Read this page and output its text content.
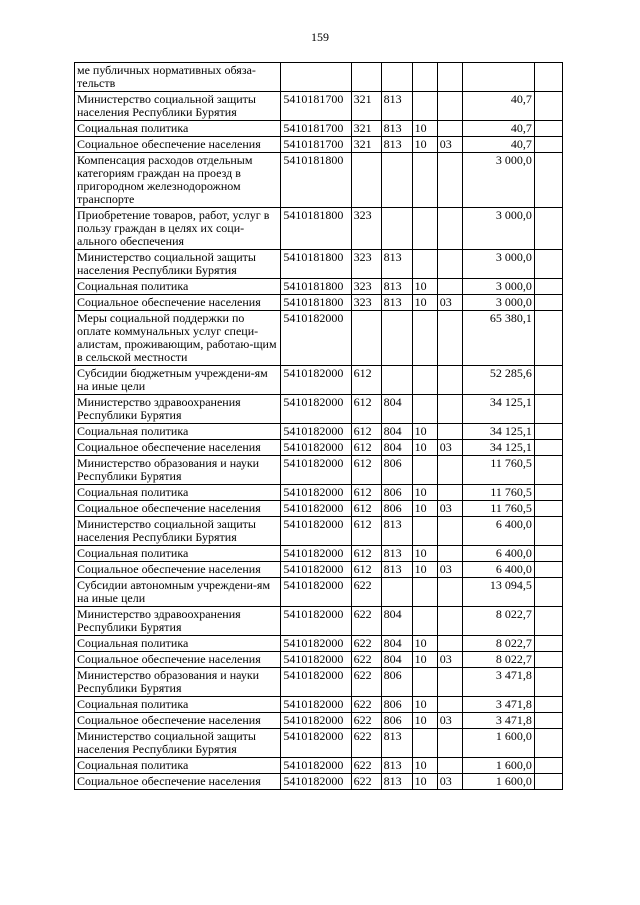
159
ме публичных нормативных обяза-тельств							
Министерство социальной защиты населения Республики Бурятия	5410181700	321	813			40,7	
Социальная политика	5410181700	321	813	10		40,7	
Социальное обеспечение населения	5410181700	321	813	10	03	40,7	
Компенсация расходов отдельным категориям граждан на проезд в пригородном железнодорожном транспорте	5410181800					3 000,0	
Приобретение товаров, работ, услуг в пользу граждан в целях их соци-ального обеспечения	5410181800	323				3 000,0	
Министерство социальной защиты населения Республики Бурятия	5410181800	323	813			3 000,0	
Социальная политика	5410181800	323	813	10		3 000,0	
Социальное обеспечение населения	5410181800	323	813	10	03	3 000,0	
Меры социальной поддержки по оплате коммунальных услуг специ-алистам, проживающим, работаю-щим в сельской местности	5410182000					65 380,1	
Субсидии бюджетным учреждени-ям на иные цели	5410182000	612				52 285,6	
Министерство здравоохранения Республики Бурятия	5410182000	612	804			34 125,1	
Социальная политика	5410182000	612	804	10		34 125,1	
Социальное обеспечение населения	5410182000	612	804	10	03	34 125,1	
Министерство образования и науки Республики Бурятия	5410182000	612	806			11 760,5	
Социальная политика	5410182000	612	806	10		11 760,5	
Социальное обеспечение населения	5410182000	612	806	10	03	11 760,5	
Министерство социальной защиты населения Республики Бурятия	5410182000	612	813			6 400,0	
Социальная политика	5410182000	612	813	10		6 400,0	
Социальное обеспечение населения	5410182000	612	813	10	03	6 400,0	
Субсидии автономным учреждени-ям на иные цели	5410182000	622				13 094,5	
Министерство здравоохранения Республики Бурятия	5410182000	622	804			8 022,7	
Социальная политика	5410182000	622	804	10		8 022,7	
Социальное обеспечение населения	5410182000	622	804	10	03	8 022,7	
Министерство образования и науки Республики Бурятия	5410182000	622	806			3 471,8	
Социальная политика	5410182000	622	806	10		3 471,8	
Социальное обеспечение населения	5410182000	622	806	10	03	3 471,8	
Министерство социальной защиты населения Республики Бурятия	5410182000	622	813			1 600,0	
Социальная политика	5410182000	622	813	10		1 600,0	
Социальное обеспечение населения	5410182000	622	813	10	03	1 600,0	
